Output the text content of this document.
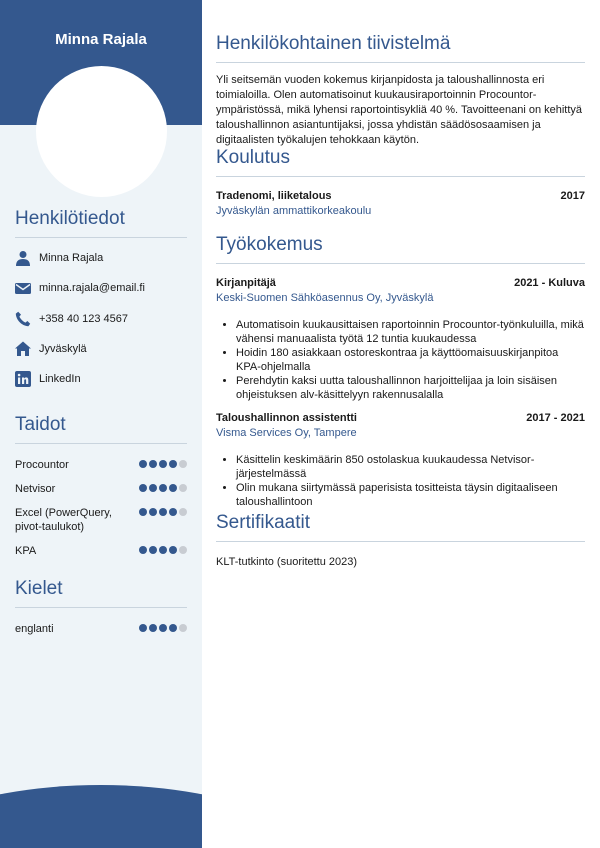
Minna Rajala
Henkilötiedot
Minna Rajala
minna.rajala@email.fi
+358 40 123 4567
Jyväskylä
LinkedIn
Taidot
Procountor
Netvisor
Excel (PowerQuery, pivot-taulukot)
KPA
Kielet
englanti
Henkilökohtainen tiivistelmä
Yli seitsemän vuoden kokemus kirjanpidosta ja taloushallinnosta eri toimialoilla. Olen automatisoinut kuukausiraportoinnin Procountor-ympäristössä, mikä lyhensi raportointisykliä 40 %. Tavoitteenani on kehittyä taloushallinnon asiantuntijaksi, jossa yhdistän säädösosaamisen ja digitaalisten työkalujen tehokkaan käytön.
Koulutus
Tradenomi, liiketalous	2017
Jyväskylän ammattikorkeakoulu
Työkokemus
Kirjanpitäjä	2021 - Kuluva
Keski-Suomen Sähköasennus Oy, Jyväskylä
• Automatisoin kuukausittaisen raportoinnin Procountor-työnkuluilla, mikä vähensi manuaalista työtä 12 tuntia kuukaudessa
• Hoidin 180 asiakkaan ostoreskontraa ja käyttöomaisuuskirjanpitoa KPA-ohjelmalla
• Perehdytin kaksi uutta taloushallinnon harjoittelijaa ja loin sisäisen ohjeistuksen alv-käsittelyyn rakennusalalla
Taloushallinnon assistentti	2017 - 2021
Visma Services Oy, Tampere
• Käsittelin keskimäärin 850 ostolaskua kuukaudessa Netvisor-järjestelmässä
• Olin mukana siirtymässä paperisista tositteista täysin digitaaliseen taloushallintoon
Sertifikaatit
KLT-tutkinto (suoritettu 2023)
